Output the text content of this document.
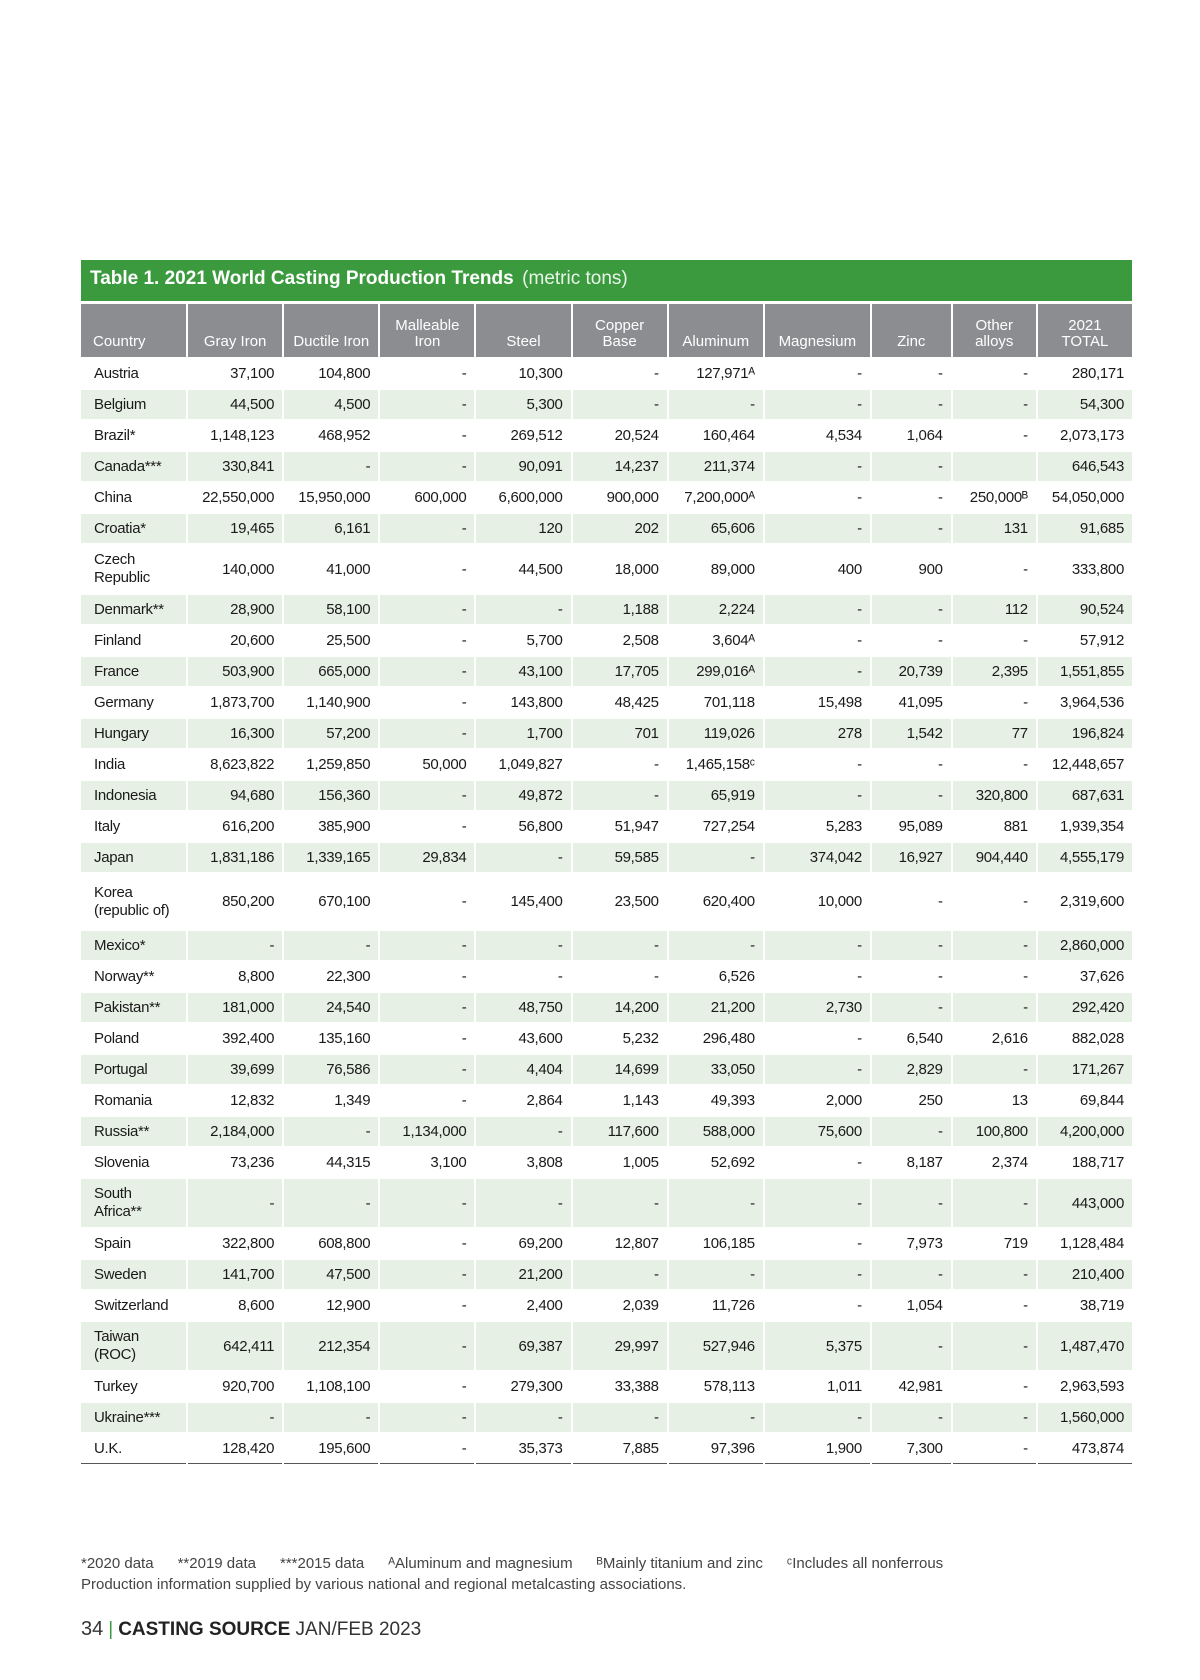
Table 1. 2021 World Casting Production Trends (metric tons)
Country	Gray Iron	Ductile Iron	Malleable Iron	Steel	Copper Base	Aluminum	Magnesium	Zinc	Other alloys	2021 TOTAL
Austria	37,100	104,800	-	10,300	-	127,971ᴬ	-	-	-	280,171
Belgium	44,500	4,500	-	5,300	-	-	-	-	-	54,300
Brazil*	1,148,123	468,952	-	269,512	20,524	160,464	4,534	1,064	-	2,073,173
Canada***	330,841	-	-	90,091	14,237	211,374	-	-		646,543
China	22,550,000	15,950,000	600,000	6,600,000	900,000	7,200,000ᴬ	-	-	250,000ᴮ	54,050,000
Croatia*	19,465	6,161	-	120	202	65,606	-	-	131	91,685
Czech Republic	140,000	41,000	-	44,500	18,000	89,000	400	900	-	333,800
Denmark**	28,900	58,100	-	-	1,188	2,224	-	-	112	90,524
Finland	20,600	25,500	-	5,700	2,508	3,604ᴬ	-	-	-	57,912
France	503,900	665,000	-	43,100	17,705	299,016ᴬ	-	20,739	2,395	1,551,855
Germany	1,873,700	1,140,900	-	143,800	48,425	701,118	15,498	41,095	-	3,964,536
Hungary	16,300	57,200	-	1,700	701	119,026	278	1,542	77	196,824
India	8,623,822	1,259,850	50,000	1,049,827	-	1,465,158ᶜ	-	-	-	12,448,657
Indonesia	94,680	156,360	-	49,872	-	65,919	-	-	320,800	687,631
Italy	616,200	385,900	-	56,800	51,947	727,254	5,283	95,089	881	1,939,354
Japan	1,831,186	1,339,165	29,834	-	59,585	-	374,042	16,927	904,440	4,555,179
Korea (republic of)	850,200	670,100	-	145,400	23,500	620,400	10,000	-	-	2,319,600
Mexico*	-	-	-	-	-	-	-	-	-	2,860,000
Norway**	8,800	22,300	-	-	-	6,526	-	-	-	37,626
Pakistan**	181,000	24,540	-	48,750	14,200	21,200	2,730	-	-	292,420
Poland	392,400	135,160	-	43,600	5,232	296,480	-	6,540	2,616	882,028
Portugal	39,699	76,586	-	4,404	14,699	33,050	-	2,829	-	171,267
Romania	12,832	1,349	-	2,864	1,143	49,393	2,000	250	13	69,844
Russia**	2,184,000	-	1,134,000	-	117,600	588,000	75,600	-	100,800	4,200,000
Slovenia	73,236	44,315	3,100	3,808	1,005	52,692	-	8,187	2,374	188,717
South Africa**	-	-	-	-	-	-	-	-	-	443,000
Spain	322,800	608,800	-	69,200	12,807	106,185	-	7,973	719	1,128,484
Sweden	141,700	47,500	-	21,200	-	-	-	-	-	210,400
Switzerland	8,600	12,900	-	2,400	2,039	11,726	-	1,054	-	38,719
Taiwan (ROC)	642,411	212,354	-	69,387	29,997	527,946	5,375	-	-	1,487,470
Turkey	920,700	1,108,100	-	279,300	33,388	578,113	1,011	42,981	-	2,963,593
Ukraine***	-	-	-	-	-	-	-	-	-	1,560,000
U.K.	128,420	195,600	-	35,373	7,885	97,396	1,900	7,300	-	473,874
*2020 data **2019 data ***2015 data ᴬAluminum and magnesium ᴮMainly titanium and zinc ᶜIncludes all nonferrous
Production information supplied by various national and regional metalcasting associations.
34 | CASTING SOURCE JAN/FEB 2023
